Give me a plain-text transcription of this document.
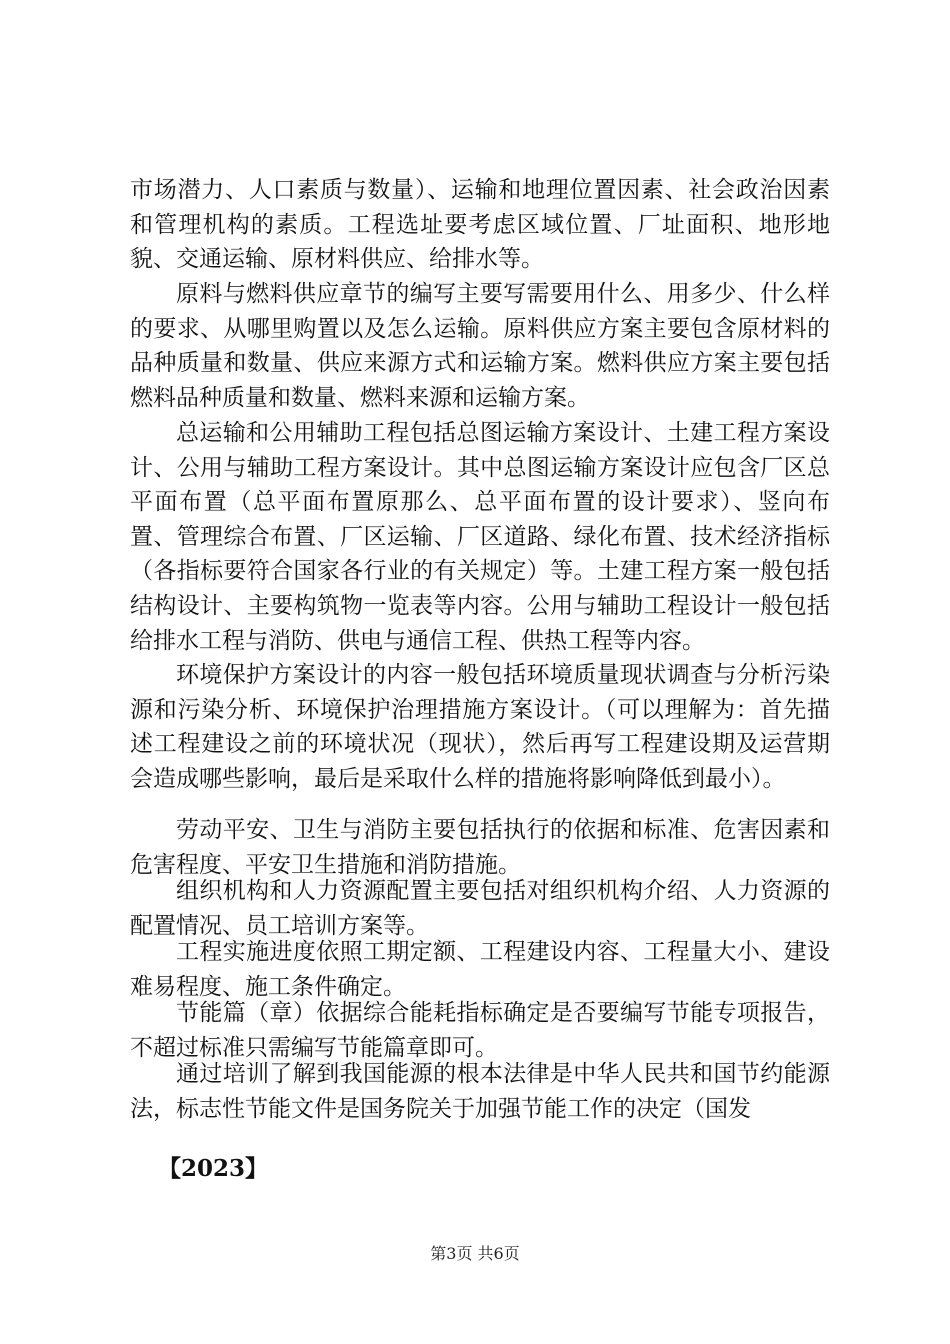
市场潜力、人口素质与数量）、运输和地理位置因素、社会政治因素和管理机构的素质。工程选址要考虑区域位置、厂址面积、地形地貌、交通运输、原材料供应、给排水等。

原料与燃料供应章节的编写主要写需要用什么、用多少、什么样的要求、从哪里购置以及怎么运输。原料供应方案主要包含原材料的品种质量和数量、供应来源方式和运输方案。燃料供应方案主要包括燃料品种质量和数量、燃料来源和运输方案。

总运输和公用辅助工程包括总图运输方案设计、土建工程方案设计、公用与辅助工程方案设计。其中总图运输方案设计应包含厂区总平面布置（总平面布置原那么、总平面布置的设计要求）、竖向布置、管理综合布置、厂区运输、厂区道路、绿化布置、技术经济指标（各指标要符合国家各行业的有关规定）等。土建工程方案一般包括结构设计、主要构筑物一览表等内容。公用与辅助工程设计一般包括给排水工程与消防、供电与通信工程、供热工程等内容。

环境保护方案设计的内容一般包括环境质量现状调查与分析污染源和污染分析、环境保护治理措施方案设计。（可以理解为：首先描述工程建设之前的环境状况（现状），然后再写工程建设期及运营期会造成哪些影响，最后是采取什么样的措施将影响降低到最小）。

劳动平安、卫生与消防主要包括执行的依据和标准、危害因素和危害程度、平安卫生措施和消防措施。

组织机构和人力资源配置主要包括对组织机构介绍、人力资源的配置情况、员工培训方案等。

工程实施进度依照工期定额、工程建设内容、工程量大小、建设难易程度、施工条件确定。

节能篇（章）依据综合能耗指标确定是否要编写节能专项报告，不超过标准只需编写节能篇章即可。

通过培训了解到我国能源的根本法律是中华人民共和国节约能源法，标志性节能文件是国务院关于加强节能工作的决定（国发

【2023】

第3页 共6页
